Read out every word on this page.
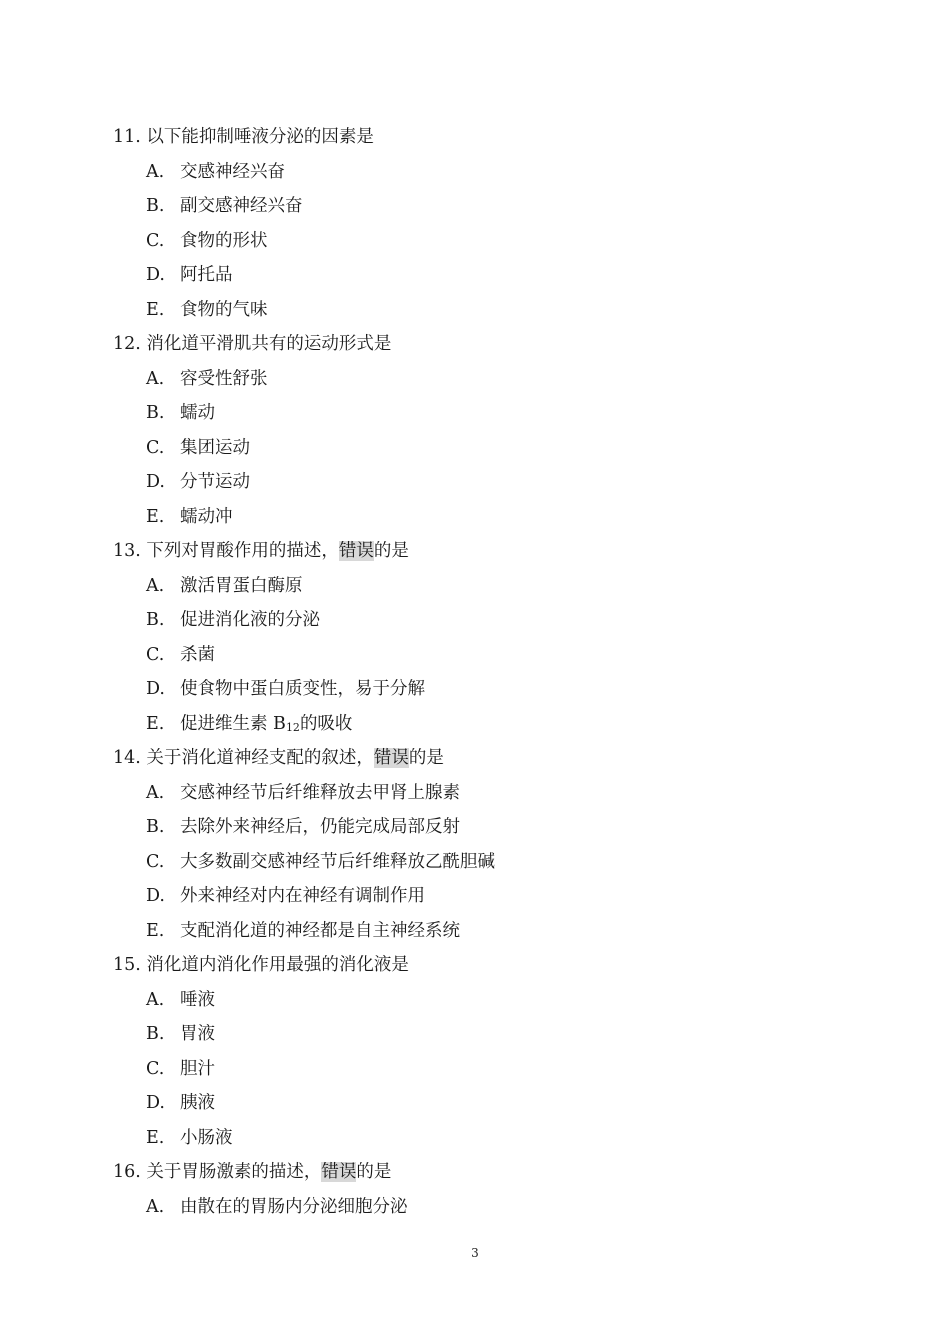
11. 以下能抑制唾液分泌的因素是
A. 交感神经兴奋
B. 副交感神经兴奋
C. 食物的形状
D. 阿托品
E. 食物的气味
12. 消化道平滑肌共有的运动形式是
A. 容受性舒张
B. 蠕动
C. 集团运动
D. 分节运动
E. 蠕动冲
13. 下列对胃酸作用的描述，错误的是
A. 激活胃蛋白酶原
B. 促进消化液的分泌
C. 杀菌
D. 使食物中蛋白质变性，易于分解
E. 促进维生素 $B_{12}$的吸收
14. 关于消化道神经支配的叙述，错误的是
A. 交感神经节后纤维释放去甲肾上腺素
B. 去除外来神经后，仍能完成局部反射
C. 大多数副交感神经节后纤维释放乙酰胆碱
D. 外来神经对内在神经有调制作用
E. 支配消化道的神经都是自主神经系统
15. 消化道内消化作用最强的消化液是
A. 唾液
B. 胃液
C. 胆汁
D. 胰液
E. 小肠液
16. 关于胃肠激素的描述，错误的是
A. 由散在的胃肠内分泌细胞分泌
3
